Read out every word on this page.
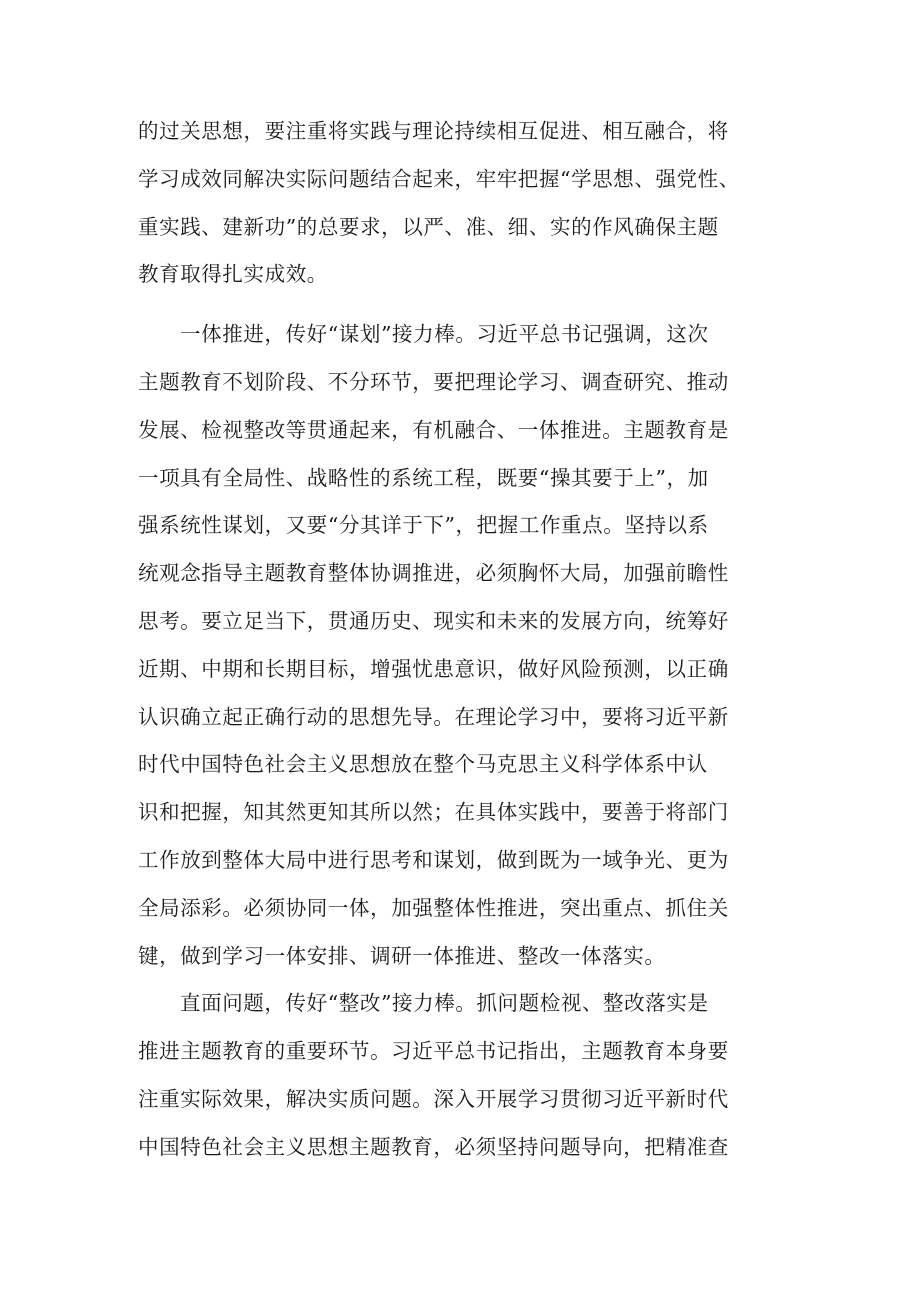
的过关思想，要注重将实践与理论持续相互促进、相互融合，将
学习成效同解决实际问题结合起来，牢牢把握“学思想、强党性、
重实践、建新功”的总要求，以严、准、细、实的作风确保主题
教育取得扎实成效。
一体推进，传好“谋划”接力棒。习近平总书记强调，这次
主题教育不划阶段、不分环节，要把理论学习、调查研究、推动
发展、检视整改等贯通起来，有机融合、一体推进。主题教育是
一项具有全局性、战略性的系统工程，既要“操其要于上”，加
强系统性谋划，又要“分其详于下”，把握工作重点。坚持以系
统观念指导主题教育整体协调推进，必须胸怀大局，加强前瞻性
思考。要立足当下，贯通历史、现实和未来的发展方向，统筹好
近期、中期和长期目标，增强忧患意识，做好风险预测，以正确
认识确立起正确行动的思想先导。在理论学习中，要将习近平新
时代中国特色社会主义思想放在整个马克思主义科学体系中认
识和把握，知其然更知其所以然；在具体实践中，要善于将部门
工作放到整体大局中进行思考和谋划，做到既为一域争光、更为
全局添彩。必须协同一体，加强整体性推进，突出重点、抓住关
键，做到学习一体安排、调研一体推进、整改一体落实。
直面问题，传好“整改”接力棒。抓问题检视、整改落实是
推进主题教育的重要环节。习近平总书记指出，主题教育本身要
注重实际效果，解决实质问题。深入开展学习贯彻习近平新时代
中国特色社会主义思想主题教育，必须坚持问题导向，把精准查
